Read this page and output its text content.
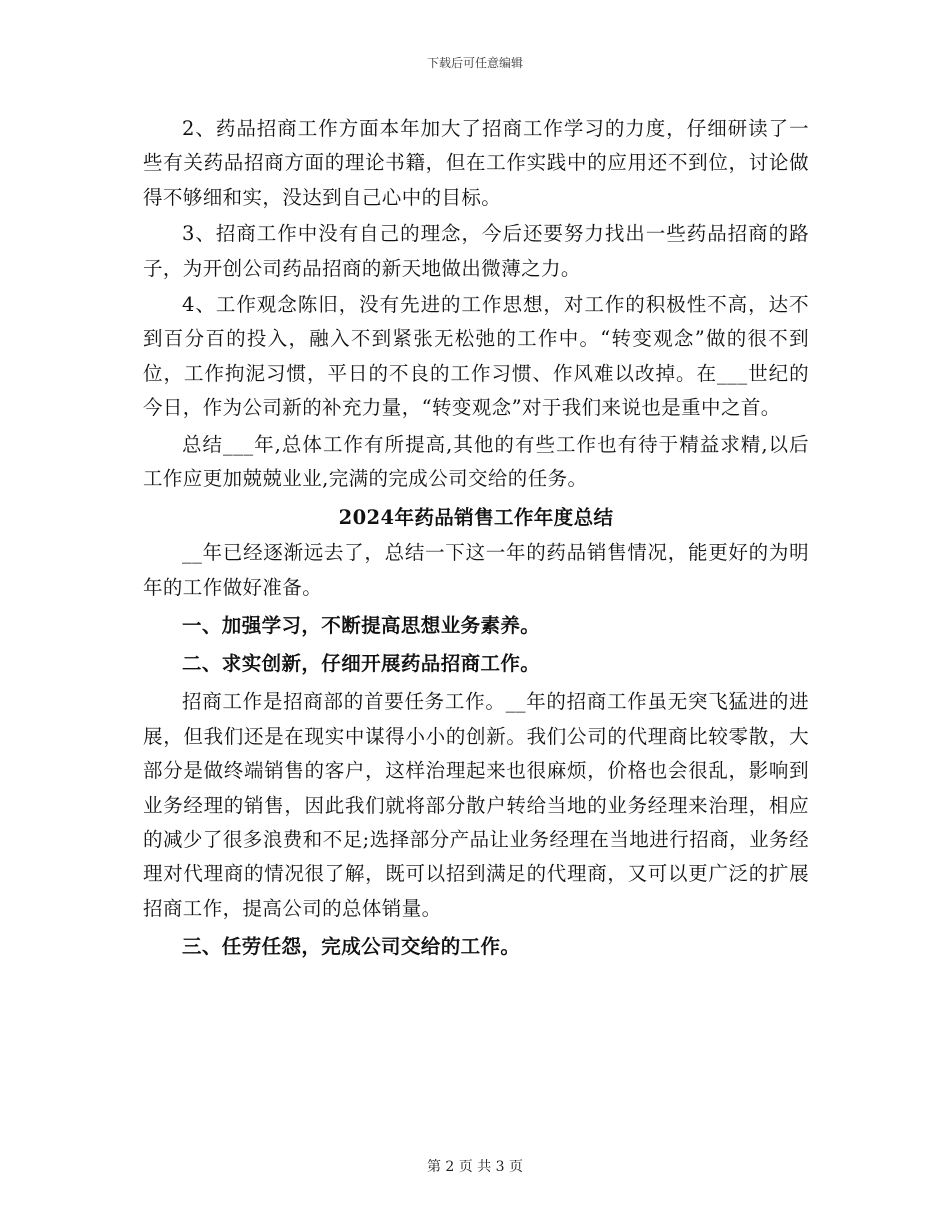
下载后可任意编辑

2、药品招商工作方面本年加大了招商工作学习的力度，仔细研读了一些有关药品招商方面的理论书籍，但在工作实践中的应用还不到位，讨论做得不够细和实，没达到自己心中的目标。

3、招商工作中没有自己的理念，今后还要努力找出一些药品招商的路子，为开创公司药品招商的新天地做出微薄之力。

4、工作观念陈旧，没有先进的工作思想，对工作的积极性不高，达不到百分百的投入，融入不到紧张无松弛的工作中。“转变观念”做的很不到位，工作拘泥习惯，平日的不良的工作习惯、作风难以改掉。在___世纪的今日，作为公司新的补充力量，“转变观念”对于我们来说也是重中之首。

总结___年,总体工作有所提高,其他的有些工作也有待于精益求精,以后工作应更加兢兢业业,完满的完成公司交给的任务。

2024年药品销售工作年度总结

__年已经逐渐远去了，总结一下这一年的药品销售情况，能更好的为明年的工作做好准备。

一、加强学习，不断提高思想业务素养。
二、求实创新，仔细开展药品招商工作。

招商工作是招商部的首要任务工作。__年的招商工作虽无突飞猛进的进展，但我们还是在现实中谋得小小的创新。我们公司的代理商比较零散，大部分是做终端销售的客户，这样治理起来也很麻烦，价格也会很乱，影响到业务经理的销售，因此我们就将部分散户转给当地的业务经理来治理，相应的减少了很多浪费和不足;选择部分产品让业务经理在当地进行招商，业务经理对代理商的情况很了解，既可以招到满足的代理商，又可以更广泛的扩展招商工作，提高公司的总体销量。

三、任劳任怨，完成公司交给的工作。
第 2 页 共 3 页
